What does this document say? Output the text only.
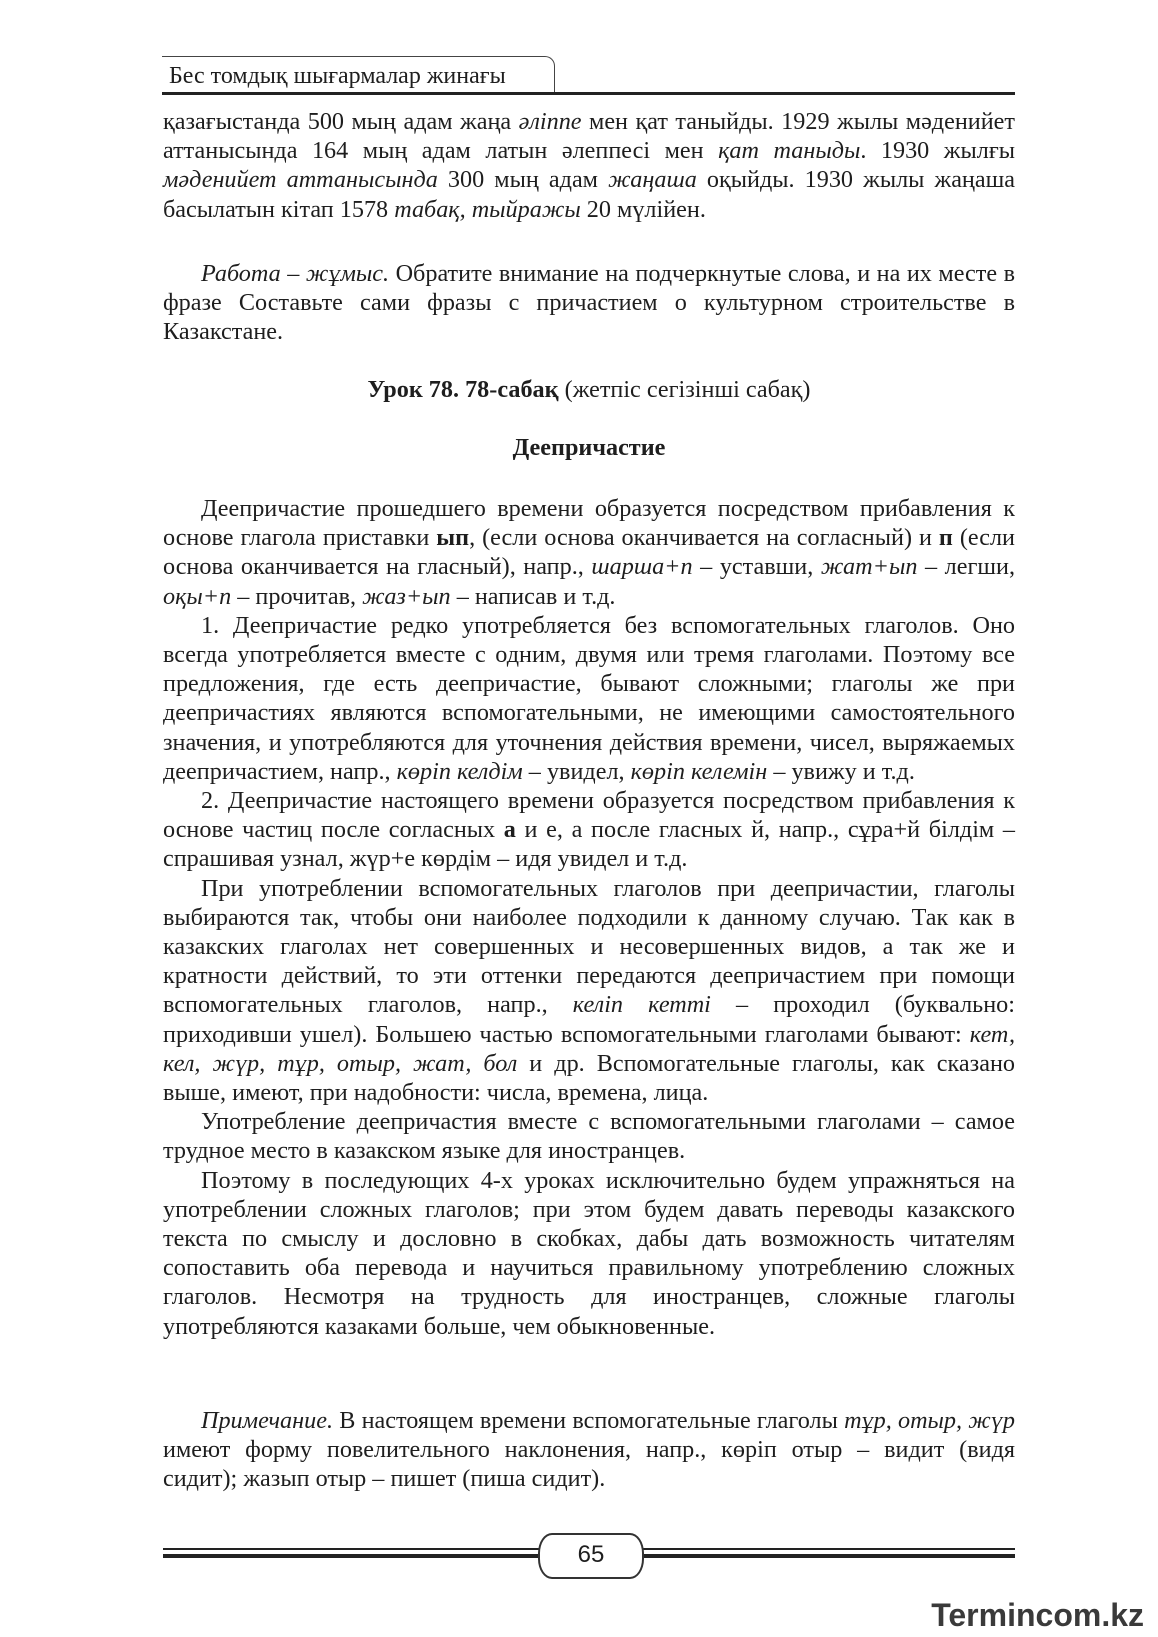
Бес томдық шығармалар жинағы

қазағыстанда 500 мың адам жаңа әліппе мен қат таныйды. 1929 жылы мәденийет аттанысында 164 мың адам латын әлеппесі мен қат таныды. 1930 жылғы мәденийет аттанысында 300 мың адам жаңаша оқыйды. 1930 жылы жаңаша басылатын кітап 1578 табақ, тыйражы 20 мүлійен.

Работа – жұмыс. Обратите внимание на подчеркнутые слова, и на их месте в фразе Составьте сами фразы с причастием о культурном строительстве в Казакстане.

Урок 78. 78-сабақ (жетпіс сегізінші сабақ)
Деепричастие

Деепричастие прошедшего времени образуется посредством прибавления к основе глагола приставки ып, (если основа оканчивается на согласный) и п (если основа оканчивается на гласный), напр., шарша+п – уставши, жат+ып – легши, оқы+п – прочитав, жаз+ып – написав и т.д.

1. Деепричастие редко употребляется без вспомогательных глаголов. Оно всегда употребляется вместе с одним, двумя или тремя глаголами. Поэтому все предложения, где есть деепричастие, бывают сложными; глаголы же при деепричастиях являются вспомогательными, не имеющими самостоятельного значения, и употребляются для уточнения действия времени, чисел, выряжаемых деепричастием, напр., көріп келдім – увидел, көріп келемін – увижу и т.д.

2. Деепричастие настоящего времени образуется посредством прибавления к основе частиц после согласных а и е, а после гласных й, напр., сұра+й білдім – спрашивая узнал, жүр+е көрдім – идя увидел и т.д.

При употреблении вспомогательных глаголов при деепричастии, глаголы выбираются так, чтобы они наиболее подходили к данному случаю. Так как в казакских глаголах нет совершенных и несовершенных видов, а так же и кратности действий, то эти оттенки передаются деепричастием при помощи вспомогательных глаголов, напр., келіп кетті – проходил (буквально: приходивши ушел). Большею частью вспомогательными глаголами бывают: кет, кел, жүр, тұр, отыр, жат, бол и др. Вспомогательные глаголы, как сказано выше, имеют, при надобности: числа, времена, лица.

Употребление деепричастия вместе с вспомогательными глаголами – самое трудное место в казакском языке для иностранцев.

Поэтому в последующих 4-х уроках исключительно будем упражняться на употреблении сложных глаголов; при этом будем давать переводы казакского текста по смыслу и дословно в скобках, дабы дать возможность читателям сопоставить оба перевода и научиться правильному употреблению сложных глаголов. Несмотря на трудность для иностранцев, сложные глаголы употребляются казаками больше, чем обыкновенные.

Примечание. В настоящем времени вспомогательные глаголы тұр, отыр, жүр имеют форму повелительного наклонения, напр., көріп отыр – видит (видя сидит); жазып отыр – пишет (пиша сидит).

65
Termincom.kz
